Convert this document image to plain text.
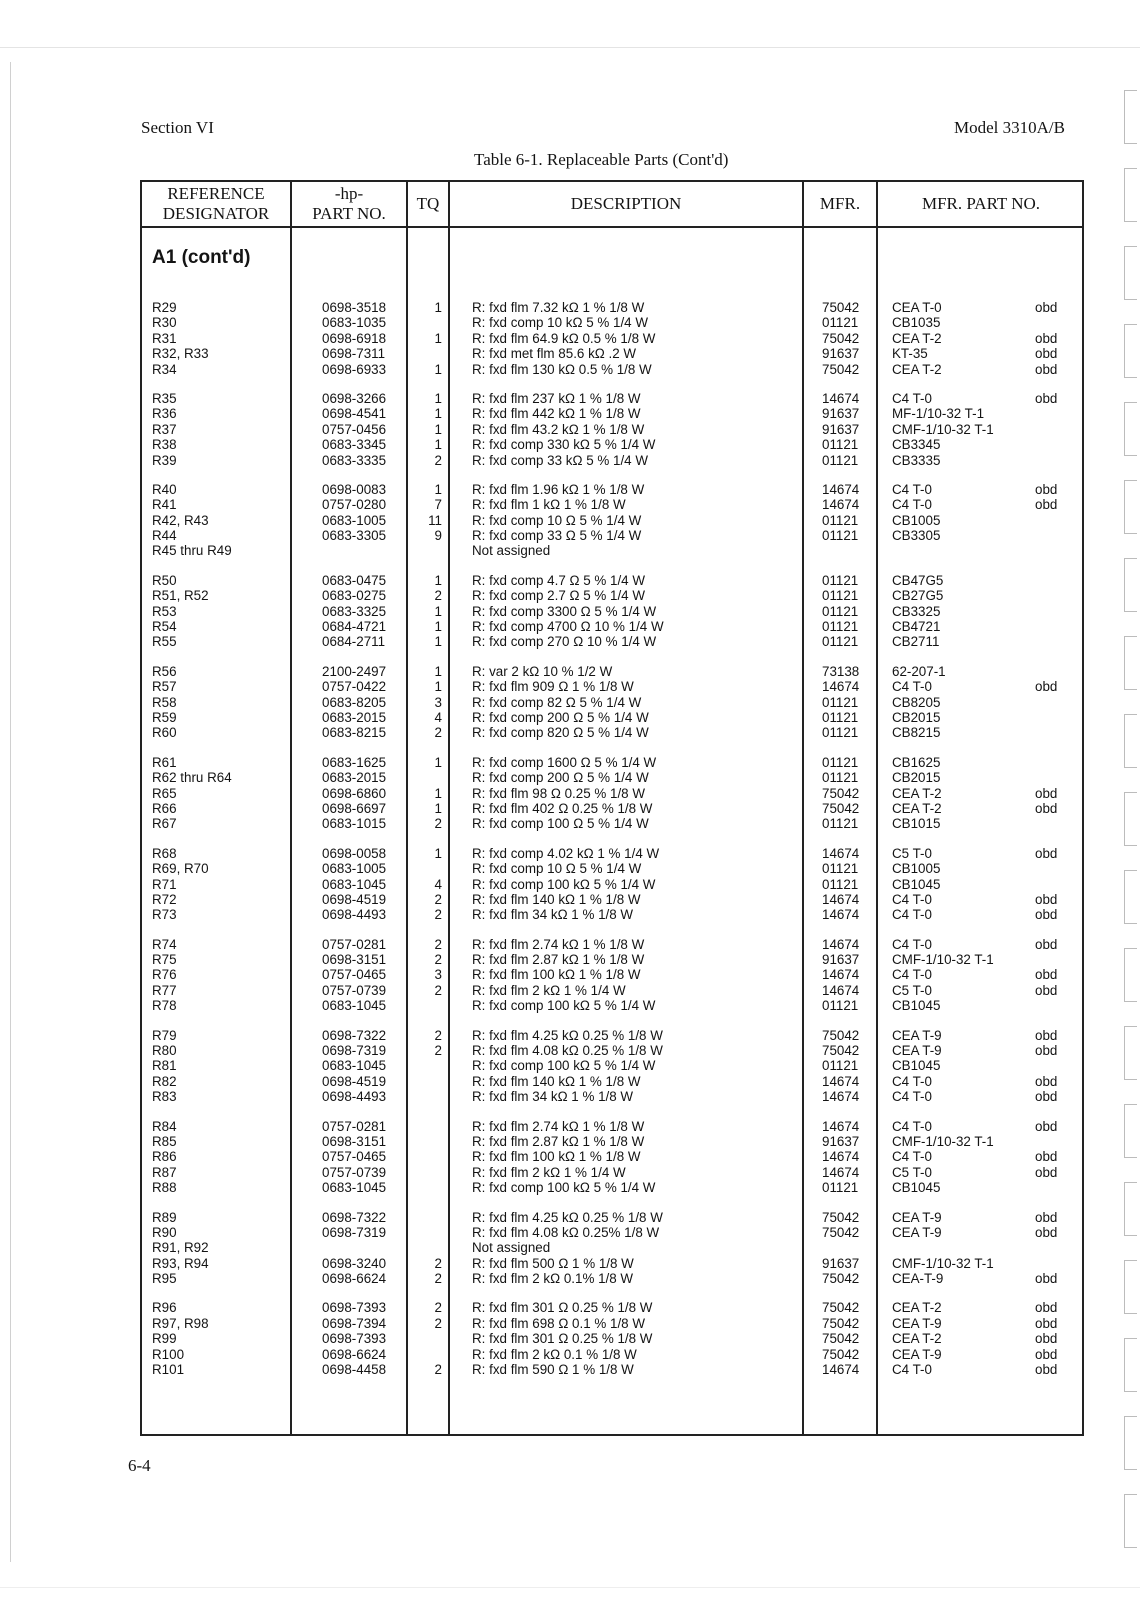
Section VI	Model 3310A/B
Table 6-1. Replaceable Parts (Cont'd)
REFERENCE
DESIGNATOR
-hp-
PART NO.
TQ	DESCRIPTION	MFR.	MFR. PART NO.
A1 (cont'd)
R29	0698-3518	1 R: fxd flm 7.32 kΩ 1 % 1/8 W	75042 CEA T-0	obd
R30	0683-1035	R: fxd comp 10 kΩ 5 % 1/4 W	01121	CB1035
R31	0698-6918	1 R: fxd flm 64.9 kΩ 0.5 % 1/8 W	75042 CEA T-2	obd
R32, R33	0698-7311	R: fxd met flm 85.6 kΩ .2 W	91637 KT-35	obd
R34	0698-6933	1 R: fxd flm 130 kΩ 0.5 % 1/8 W	75042 CEA T-2	obd
R35	0698-3266	1 R: fxd flm 237 kΩ 1 % 1/8 W	14674 C4 T-0	obd
R36	0698-4541	1 R: fxd flm 442 kΩ 1 % 1/8 W	91637 MF-1/10-32 T-1
R37	0757-0456	1 R: fxd flm 43.2 kΩ 1 % 1/8 W	91637 CMF-1/10-32 T-1
R38	0683-3345	1 R: fxd comp 330 kΩ 5 % 1/4 W	01121	CB3345
R39	0683-3335	2 R: fxd comp 33 kΩ 5 % 1/4 W	01121	CB3335
R40	0698-0083	1 R: fxd flm 1.96 kΩ 1 % 1/8 W	14674 C4 T-0	obd
R41	0757-0280	7 R: fxd flm 1 kΩ 1 % 1/8 W	14674 C4 T-0	obd
R42, R43	0683-1005	11 R: fxd comp 10 Ω 5 % 1/4 W	01121	CB1005
R44	0683-3305	9 R: fxd comp 33 Ω 5 % 1/4 W	01121	CB3305
R45 thru R49	Not assigned
R50	0683-0475	1 R: fxd comp 4.7 Ω 5 % 1/4 W	01121	CB47G5
R51, R52	0683-0275	2 R: fxd comp 2.7 Ω 5 % 1/4 W	01121	CB27G5
R53	0683-3325	1 R: fxd comp 3300 Ω 5 % 1/4 W	01121	CB3325
R54	0684-4721	1 R: fxd comp 4700 Ω 10 % 1/4 W	01121	CB4721
R55	0684-2711	1 R: fxd comp 270 Ω 10 % 1/4 W	01121	CB2711
R56	2100-2497	1 R: var 2 kΩ 10 % 1/2 W	73138 62-207-1
R57	0757-0422	1 R: fxd flm 909 Ω 1 % 1/8 W	14674 C4 T-0	obd
R58	0683-8205	3 R: fxd comp 82 Ω 5 % 1/4 W	01121	CB8205
R59	0683-2015	4 R: fxd comp 200 Ω 5 % 1/4 W	01121	CB2015
R60	0683-8215	2 R: fxd comp 820 Ω 5 % 1/4 W	01121	CB8215
R61	0683-1625	1 R: fxd comp 1600 Ω 5 % 1/4 W	01121	CB1625
R62 thru R64	0683-2015	R: fxd comp 200 Ω 5 % 1/4 W	01121	CB2015
R65	0698-6860	1 R: fxd flm 98 Ω 0.25 % 1/8 W	75042 CEA T-2	obd
R66	0698-6697	1 R: fxd flm 402 Ω 0.25 % 1/8 W	75042 CEA T-2	obd
R67	0683-1015	2 R: fxd comp 100 Ω 5 % 1/4 W	01121	CB1015
R68	0698-0058	1 R: fxd comp 4.02 kΩ 1 % 1/4 W	14674 C5 T-0	obd
R69, R70	0683-1005	R: fxd comp 10 Ω 5 % 1/4 W	01121	CB1005
R71	0683-1045	4 R: fxd comp 100 kΩ 5 % 1/4 W	01121	CB1045
R72	0698-4519	2 R: fxd flm 140 kΩ 1 % 1/8 W	14674 C4 T-0	obd
R73	0698-4493	2 R: fxd flm 34 kΩ 1 % 1/8 W	14674 C4 T-0	obd
R74	0757-0281	2 R: fxd flm 2.74 kΩ 1 % 1/8 W	14674 C4 T-0	obd
R75	0698-3151	2 R: fxd flm 2.87 kΩ 1 % 1/8 W	91637 CMF-1/10-32 T-1
R76	0757-0465	3 R: fxd flm 100 kΩ 1 % 1/8 W	14674 C4 T-0	obd
R77	0757-0739	2 R: fxd flm 2 kΩ 1 % 1/4 W	14674 C5 T-0	obd
R78	0683-1045	R: fxd comp 100 kΩ 5 % 1/4 W	01121	CB1045
R79	0698-7322	2 R: fxd flm 4.25 kΩ 0.25 % 1/8 W	75042 CEA T-9	obd
R80	0698-7319	2 R: fxd flm 4.08 kΩ 0.25 % 1/8 W	75042 CEA T-9	obd
R81	0683-1045	R: fxd comp 100 kΩ 5 % 1/4 W	01121	CB1045
R82	0698-4519	R: fxd flm 140 kΩ 1 % 1/8 W	14674 C4 T-0	obd
R83	0698-4493	R: fxd flm 34 kΩ 1 % 1/8 W	14674 C4 T-0	obd
R84	0757-0281	R: fxd flm 2.74 kΩ 1 % 1/8 W	14674 C4 T-0	obd
R85	0698-3151	R: fxd flm 2.87 kΩ 1 % 1/8 W	91637 CMF-1/10-32 T-1
R86	0757-0465	R: fxd flm 100 kΩ 1 % 1/8 W	14674 C4 T-0	obd
R87	0757-0739	R: fxd flm 2 kΩ 1 % 1/4 W	14674 C5 T-0	obd
R88	0683-1045	R: fxd comp 100 kΩ 5 % 1/4 W	01121	CB1045
R89	0698-7322	R: fxd flm 4.25 kΩ 0.25 % 1/8 W	75042 CEA T-9	obd
R90	0698-7319	R: fxd flm 4.08 kΩ 0.25% 1/8 W	75042 CEA T-9	obd
R91, R92	Not assigned
R93, R94	0698-3240	2 R: fxd flm 500 Ω 1 % 1/8 W	91637 CMF-1/10-32 T-1
R95	0698-6624	2 R: fxd flm 2 kΩ 0.1% 1/8 W	75042 CEA-T-9	obd
R96	0698-7393	2 R: fxd flm 301 Ω 0.25 % 1/8 W	75042 CEA T-2	obd
R97, R98	0698-7394	2 R: fxd flm 698 Ω 0.1 % 1/8 W	75042 CEA T-9	obd
R99	0698-7393	R: fxd flm 301 Ω 0.25 % 1/8 W	75042 CEA T-2	obd
R100	0698-6624	R: fxd flm 2 kΩ 0.1 % 1/8 W	75042 CEA T-9	obd
R101	0698-4458	2 R: fxd flm 590 Ω 1 % 1/8 W	14674 C4 T-0	obd
6-4
